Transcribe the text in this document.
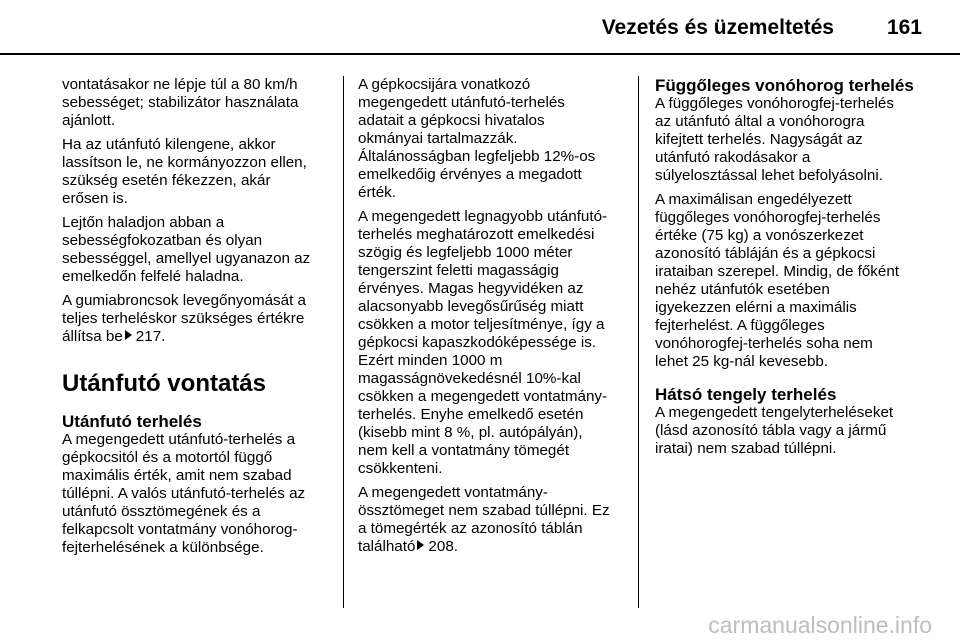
Vezetés és üzemeltetés	161
vontatásakor ne lépje túl a 80 km/h
sebességet; stabilizátor használata
ajánlott.
Ha az utánfutó kilengene, akkor
lassítson le, ne kormányozzon ellen,
szükség esetén fékezzen, akár
erősen is.
Lejtőn haladjon abban a
sebességfokozatban és olyan
sebességgel, amellyel ugyanazon az
emelkedőn felfelé haladna.
A gumiabroncsok levegőnyomását a
teljes terheléskor szükséges értékre
állítsa be 217.
Utánfutó vontatás
Utánfutó terhelés
A megengedett utánfutó-terhelés a
gépkocsitól és a motortól függő
maximális érték, amit nem szabad
túllépni. A valós utánfutó-terhelés az
utánfutó össztömegének és a
felkapcsolt vontatmány vonóhorog-
fejterhelésének a különbsége.
A gépkocsijára vonatkozó
megengedett utánfutó-terhelés
adatait a gépkocsi hivatalos
okmányai tartalmazzák.
Általánosságban legfeljebb 12%-os
emelkedőig érvényes a megadott
érték.
A megengedett legnagyobb utánfutó-
terhelés meghatározott emelkedési
szögig és legfeljebb 1000 méter
tengerszint feletti magasságig
érvényes. Magas hegyvidéken az
alacsonyabb levegősűrűség miatt
csökken a motor teljesítménye, így a
gépkocsi kapaszkodóképessége is.
Ezért minden 1000 m
magasságnövekedésnél 10%-kal
csökken a megengedett vontatmány-
terhelés. Enyhe emelkedő esetén
(kisebb mint 8 %, pl. autópályán),
nem kell a vontatmány tömegét
csökkenteni.
A megengedett vontatmány-
össztömeget nem szabad túllépni. Ez
a tömegérték az azonosító táblán
található 208.
Függőleges vonóhorog terhelés
A függőleges vonóhorogfej-terhelés
az utánfutó által a vonóhorogra
kifejtett terhelés. Nagyságát az
utánfutó rakodásakor a
súlyelosztással lehet befolyásolni.
A maximálisan engedélyezett
függőleges vonóhorogfej-terhelés
értéke (75 kg) a vonószerkezet
azonosító tábláján és a gépkocsi
irataiban szerepel. Mindig, de főként
nehéz utánfutók esetében
igyekezzen elérni a maximális
fejterhelést. A függőleges
vonóhorogfej-terhelés soha nem
lehet 25 kg-nál kevesebb.
Hátsó tengely terhelés
A megengedett tengelyterheléseket
(lásd azonosító tábla vagy a jármű
iratai) nem szabad túllépni.
carmanualsonline.info
